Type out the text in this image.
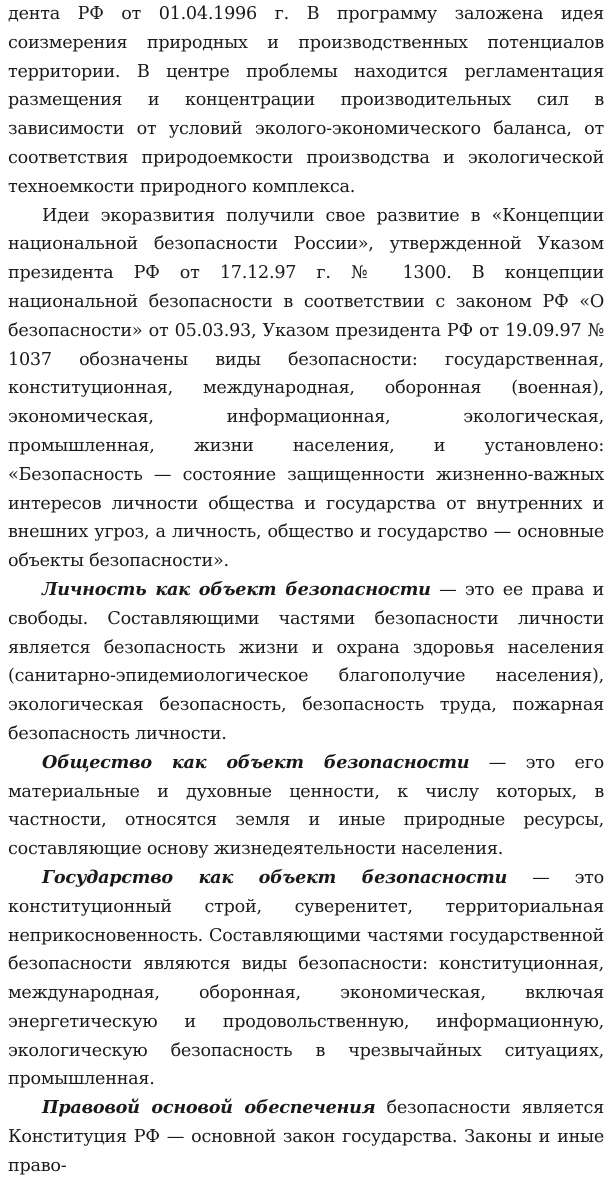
дента РФ от 01.04.1996 г. В программу заложена идея соизмерения природных и производственных потенциалов территории. В центре проблемы находится регламентация размещения и концентрации производительных сил в зависимости от условий эколого-экономического баланса, от соответствия природоемкости производства и экологической техноемкости природного комплекса.

Идеи экоразвития получили свое развитие в «Концепции национальной безопасности России», утвержденной Указом президента РФ от 17.12.97 г. № 1300. В концепции национальной безопасности в соответствии с законом РФ «О безопасности» от 05.03.93, Указом президента РФ от 19.09.97 № 1037 обозначены виды безопасности: государственная, конституционная, международная, оборонная (военная), экономическая, информационная, экологическая, промышленная, жизни населения, и установлено: «Безопасность — состояние защищенности жизненно-важных интересов личности общества и государства от внутренних и внешних угроз, а личность, общество и государство — основные объекты безопасности».

Личность как объект безопасности — это ее права и свободы. Составляющими частями безопасности личности является безопасность жизни и охрана здоровья населения (санитарно-эпидемиологическое благополучие населения), экологическая безопасность, безопасность труда, пожарная безопасность личности.

Общество как объект безопасности — это его материальные и духовные ценности, к числу которых, в частности, относятся земля и иные природные ресурсы, составляющие основу жизнедеятельности населения.

Государство как объект безопасности — это конституционный строй, суверенитет, территориальная неприкосновенность. Составляющими частями государственной безопасности являются виды безопасности: конституционная, международная, оборонная, экономическая, включая энергетическую и продовольственную, информационную, экологическую безопасность в чрезвычайных ситуациях, промышленная.

Правовой основой обеспечения безопасности является Конституция РФ — основной закон государства. Законы и иные право-
